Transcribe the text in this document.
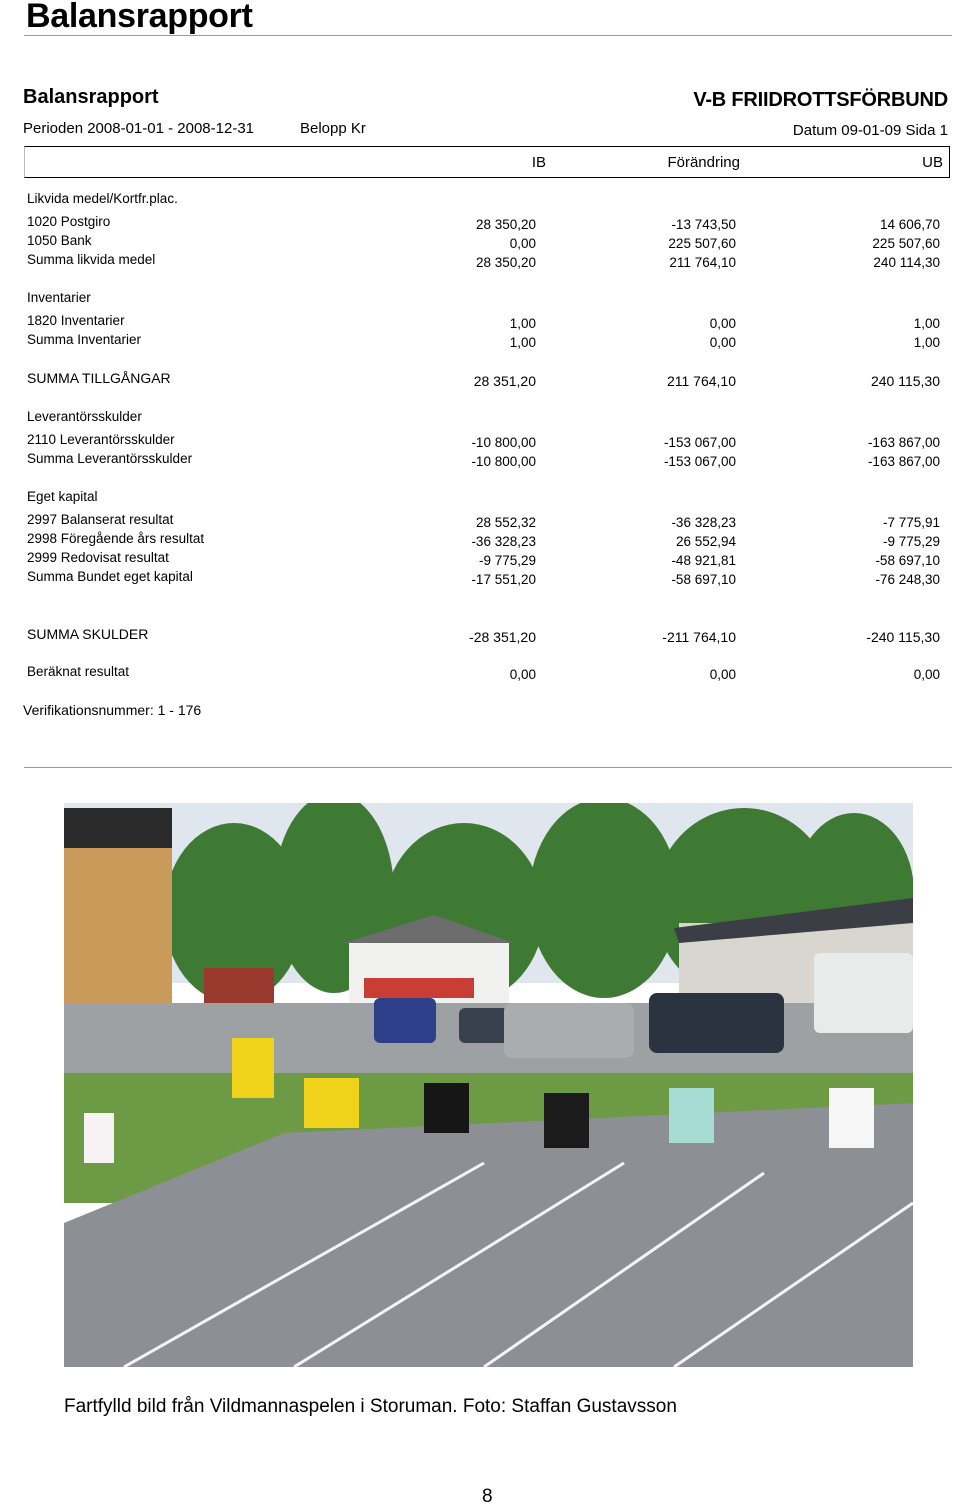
Balansrapport
Balansrapport	V-B FRIIDROTTSFÖRBUND
Perioden 2008-01-01 - 2008-12-31	Belopp Kr	Datum 09-01-09 Sida 1
IB	Förändring	UB
Likvida medel/Kortfr.plac.
1020 Postgiro	28 350,20	-13 743,50	14 606,70
1050 Bank	0,00	225 507,60	225 507,60
Summa likvida medel	28 350,20	211 764,10	240 114,30
Inventarier
1820 Inventarier	1,00	0,00	1,00
Summa Inventarier	1,00	0,00	1,00
SUMMA TILLGÅNGAR	28 351,20	211 764,10	240 115,30
Leverantörsskulder
2110 Leverantörsskulder	-10 800,00	-153 067,00	-163 867,00
Summa Leverantörsskulder	-10 800,00	-153 067,00	-163 867,00
Eget kapital
2997 Balanserat resultat	28 552,32	-36 328,23	-7 775,91
2998 Föregående års resultat	-36 328,23	26 552,94	-9 775,29
2999 Redovisat resultat	-9 775,29	-48 921,81	-58 697,10
Summa Bundet eget kapital	-17 551,20	-58 697,10	-76 248,30
SUMMA SKULDER	-28 351,20	-211 764,10	-240 115,30
Beräknat resultat	0,00	0,00	0,00
Verifikationsnummer: 1 - 176
Fartfylld bild från Vildmannaspelen i Storuman. Foto: Staffan Gustavsson
8
